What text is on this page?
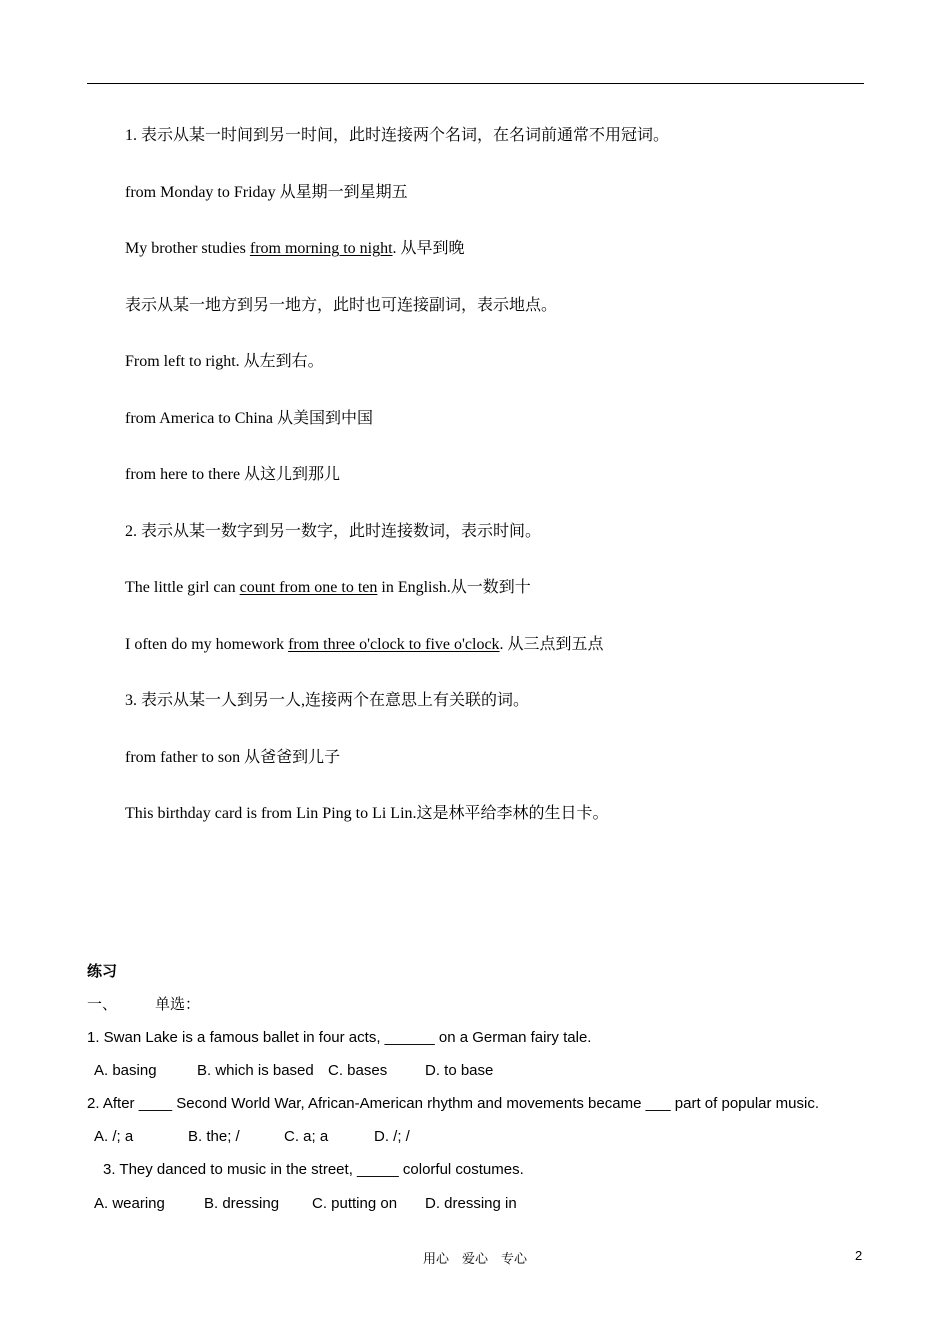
1. 表示从某一时间到另一时间，此时连接两个名词，在名词前通常不用冠词。
from Monday to Friday 从星期一到星期五
My brother studies from morning to night. 从早到晚
表示从某一地方到另一地方，此时也可连接副词，表示地点。
From left to right. 从左到右。
from America to China 从美国到中国
from here to there 从这儿到那儿
2. 表示从某一数字到另一数字，此时连接数词，表示时间。
The little girl can count from one to ten in English.从一数到十
I often do my homework from three o'clock to five o'clock. 从三点到五点
3. 表示从某一人到另一人,连接两个在意思上有关联的词。
from father to son 从爸爸到儿子
This birthday card is from Lin Ping to Li Lin.这是林平给李林的生日卡。
练习
一、	单选：
1. Swan Lake is a famous ballet in four acts, ______ on a German fairy tale.
A. basing	B. which is based C. bases	D. to base
2. After ____ Second World War, African-American rhythm and movements became ___ part of popular music.
A. /; a	B. the; /	C. a; a	D. /; /
3. They danced to music in the street, _____ colorful costumes.
A. wearing	B. dressing C. putting on D. dressing in
用心　爱心　专心	2
